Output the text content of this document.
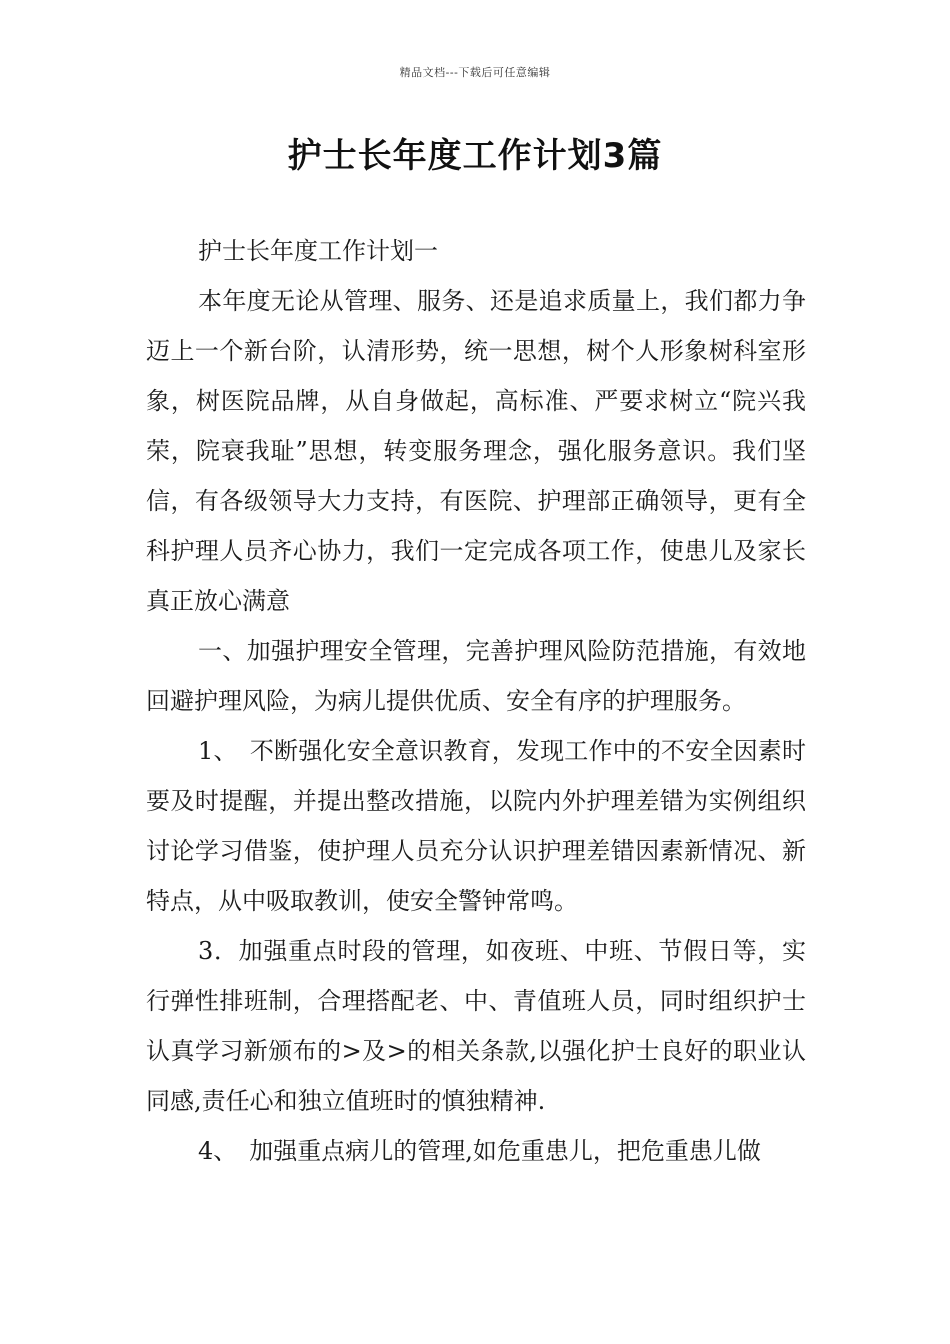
精品文档---下载后可任意编辑
护士长年度工作计划3篇

护士长年度工作计划一

本年度无论从管理、服务、还是追求质量上，我们都力争迈上一个新台阶，认清形势，统一思想，树个人形象树科室形象，树医院品牌，从自身做起，高标准、严要求树立“院兴我荣，院衰我耻”思想，转变服务理念，强化服务意识。我们坚信，有各级领导大力支持，有医院、护理部正确领导，更有全科护理人员齐心协力，我们一定完成各项工作，使患儿及家长真正放心满意

一、加强护理安全管理，完善护理风险防范措施，有效地回避护理风险，为病儿提供优质、安全有序的护理服务。

1、　不断强化安全意识教育，发现工作中的不安全因素时要及时提醒，并提出整改措施，以院内外护理差错为实例组织讨论学习借鉴，使护理人员充分认识护理差错因素新情况、新特点，从中吸取教训，使安全警钟常鸣。

3．加强重点时段的管理，如夜班、中班、节假日等，实行弹性排班制，合理搭配老、中、青值班人员，同时组织护士认真学习新颁布的>及>的相关条款,以强化护士良好的职业认同感,责任心和独立值班时的慎独精神.

4、　加强重点病儿的管理,如危重患儿，把危重患儿做
